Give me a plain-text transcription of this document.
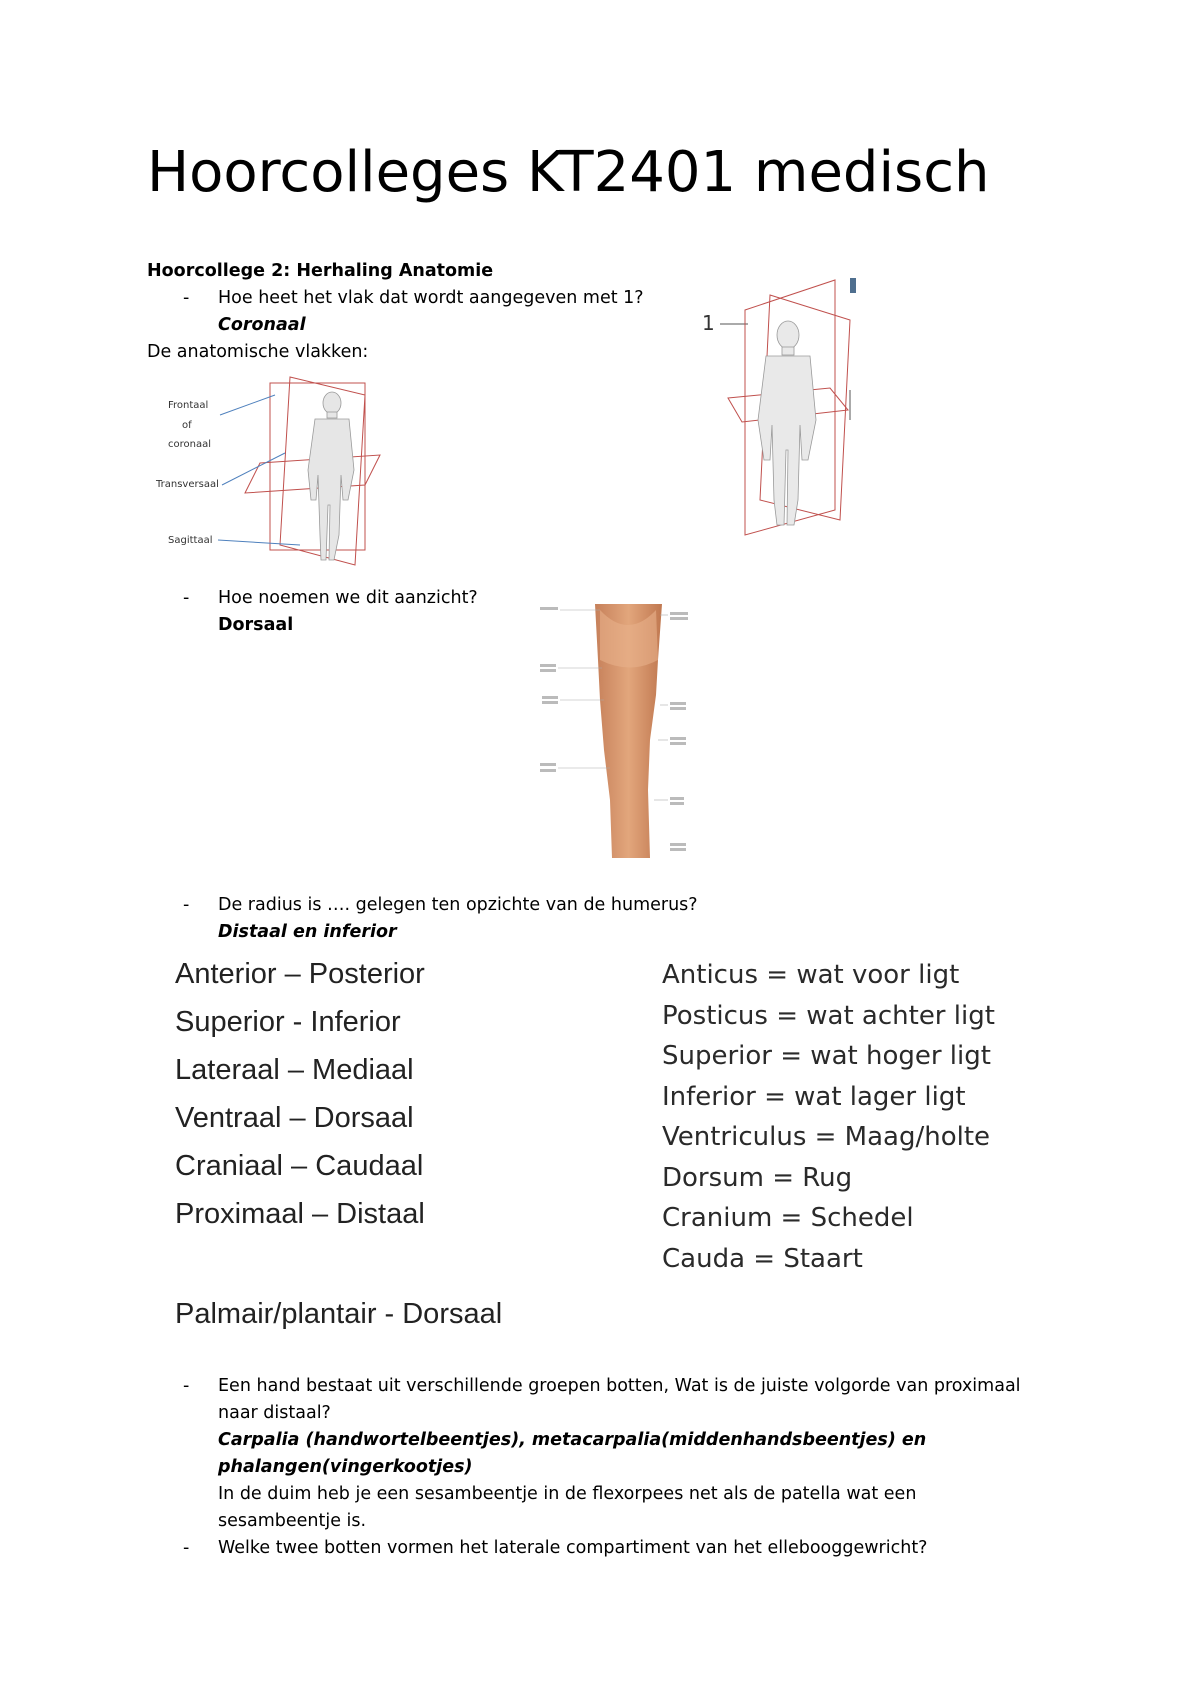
Hoorcolleges KT2401 medisch
Hoorcollege 2: Herhaling Anatomie
- Hoe heet het vlak dat wordt aangegeven met 1?
Coronaal
De anatomische vlakken:
Frontaal
of
coronaal
Transversaal
Sagittaal
1
- Hoe noemen we dit aanzicht?
Dorsaal
- De radius is …. gelegen ten opzichte van de humerus?
Distaal en inferior
Anterior – Posterior
Superior - Inferior
Lateraal – Mediaal
Ventraal – Dorsaal
Craniaal – Caudaal
Proximaal – Distaal
Palmair/plantair - Dorsaal
Anticus = wat voor ligt
Posticus = wat achter ligt
Superior = wat hoger ligt
Inferior = wat lager ligt
Ventriculus = Maag/holte
Dorsum = Rug
Cranium = Schedel
Cauda = Staart
- Een hand bestaat uit verschillende groepen botten, Wat is de juiste volgorde van proximaal
naar distaal?
Carpalia (handwortelbeentjes), metacarpalia(middenhandsbeentjes) en
phalangen(vingerkootjes)
In de duim heb je een sesambeentje in de flexorpees net als de patella wat een
sesambeentje is.
- Welke twee botten vormen het laterale compartiment van het ellebooggewricht?
